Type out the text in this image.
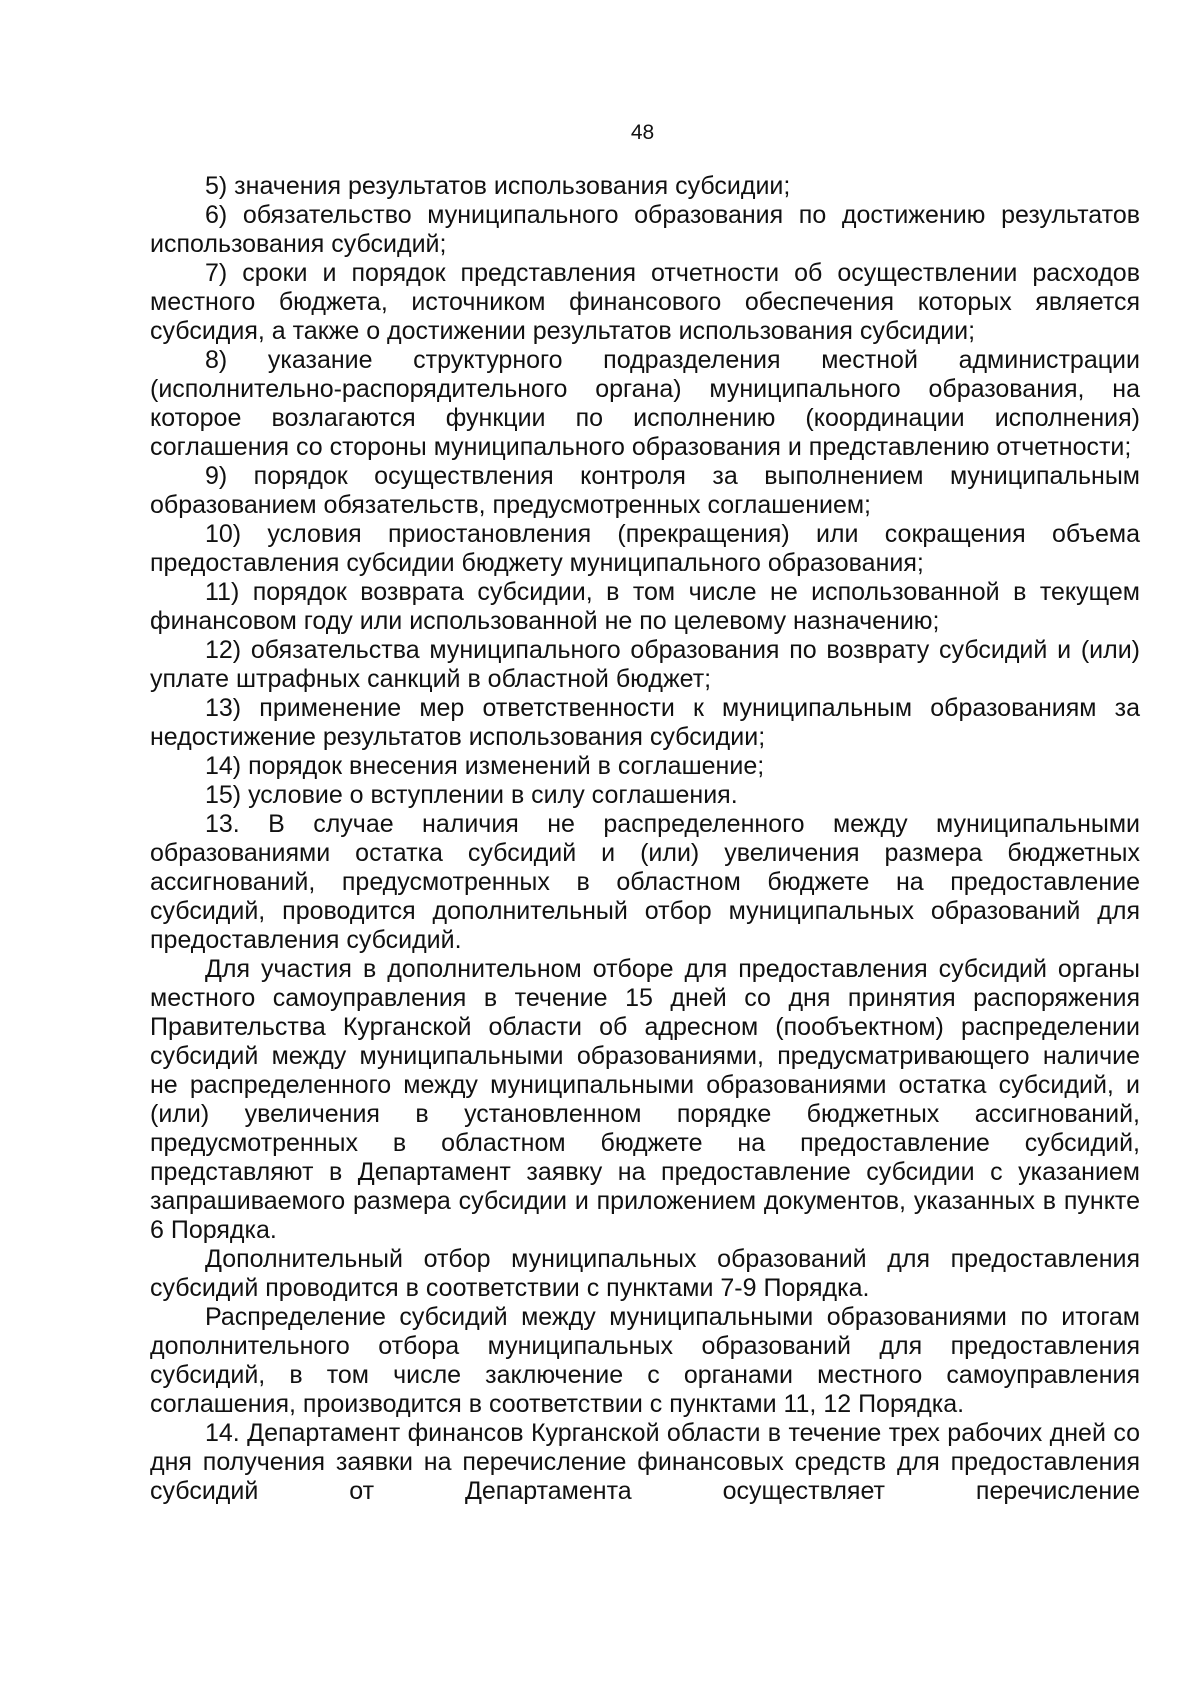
48

5) значения результатов использования субсидии;

6) обязательство муниципального образования по достижению результатов использования субсидий;

7) сроки и порядок представления отчетности об осуществлении расходов местного бюджета, источником финансового обеспечения которых является субсидия, а также о достижении результатов использования субсидии;

8) указание структурного подразделения местной администрации (исполнительно-распорядительного органа) муниципального образования, на которое возлагаются функции по исполнению (координации исполнения) соглашения со стороны муниципального образования и представлению отчетности;

9) порядок осуществления контроля за выполнением муниципальным образованием обязательств, предусмотренных соглашением;

10) условия приостановления (прекращения) или сокращения объема предоставления субсидии бюджету муниципального образования;

11) порядок возврата субсидии, в том числе не использованной в текущем финансовом году или использованной не по целевому назначению;

12) обязательства муниципального образования по возврату субсидий и (или) уплате штрафных санкций в областной бюджет;

13) применение мер ответственности к муниципальным образованиям за недостижение результатов использования субсидии;

14) порядок внесения изменений в соглашение;

15) условие о вступлении в силу соглашения.

13. В случае наличия не распределенного между муниципальными образованиями остатка субсидий и (или) увеличения размера бюджетных ассигнований, предусмотренных в областном бюджете на предоставление субсидий, проводится дополнительный отбор муниципальных образований для предоставления субсидий.

Для участия в дополнительном отборе для предоставления субсидий органы местного самоуправления в течение 15 дней со дня принятия распоряжения Правительства Курганской области об адресном (пообъектном) распределении субсидий между муниципальными образованиями, предусматривающего наличие не распределенного между муниципальными образованиями остатка субсидий, и (или) увеличения в установленном порядке бюджетных ассигнований, предусмотренных в областном бюджете на предоставление субсидий, представляют в Департамент заявку на предоставление субсидии с указанием запрашиваемого размера субсидии и приложением документов, указанных в пункте 6 Порядка.

Дополнительный отбор муниципальных образований для предоставления субсидий проводится в соответствии с пунктами 7-9 Порядка.

Распределение субсидий между муниципальными образованиями по итогам дополнительного отбора муниципальных образований для предоставления субсидий, в том числе заключение с органами местного самоуправления соглашения, производится в соответствии с пунктами 11, 12 Порядка.

14. Департамент финансов Курганской области в течение трех рабочих дней со дня получения заявки на перечисление финансовых средств для предоставления субсидий от Департамента осуществляет перечисление
